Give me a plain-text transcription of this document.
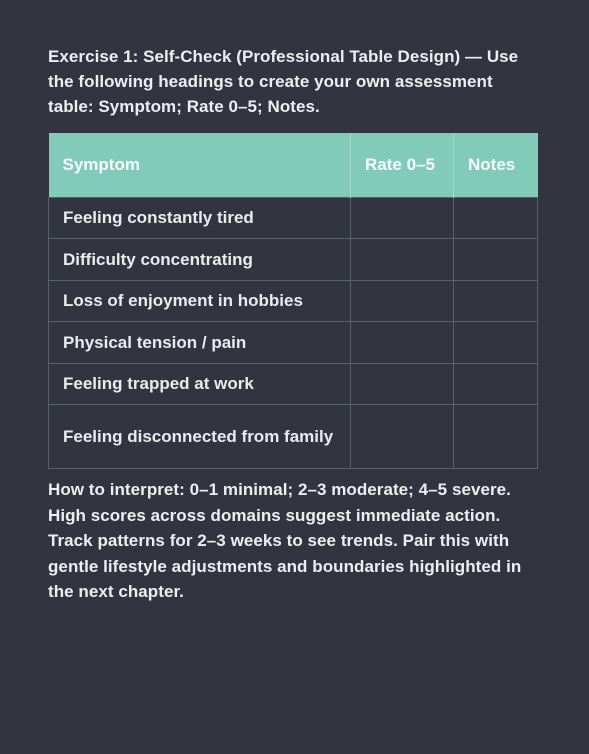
Exercise 1: Self-Check (Professional Table Design) — Use the following headings to create your own assessment table: Symptom; Rate 0–5; Notes.

Symptom	Rate 0–5	Notes
Feeling constantly tired		
Difficulty concentrating		
Loss of enjoyment in hobbies		
Physical tension / pain		
Feeling trapped at work		
Feeling disconnected from family		

How to interpret: 0–1 minimal; 2–3 moderate; 4–5 severe. High scores across domains suggest immediate action. Track patterns for 2–3 weeks to see trends. Pair this with gentle lifestyle adjustments and boundaries highlighted in the next chapter.
